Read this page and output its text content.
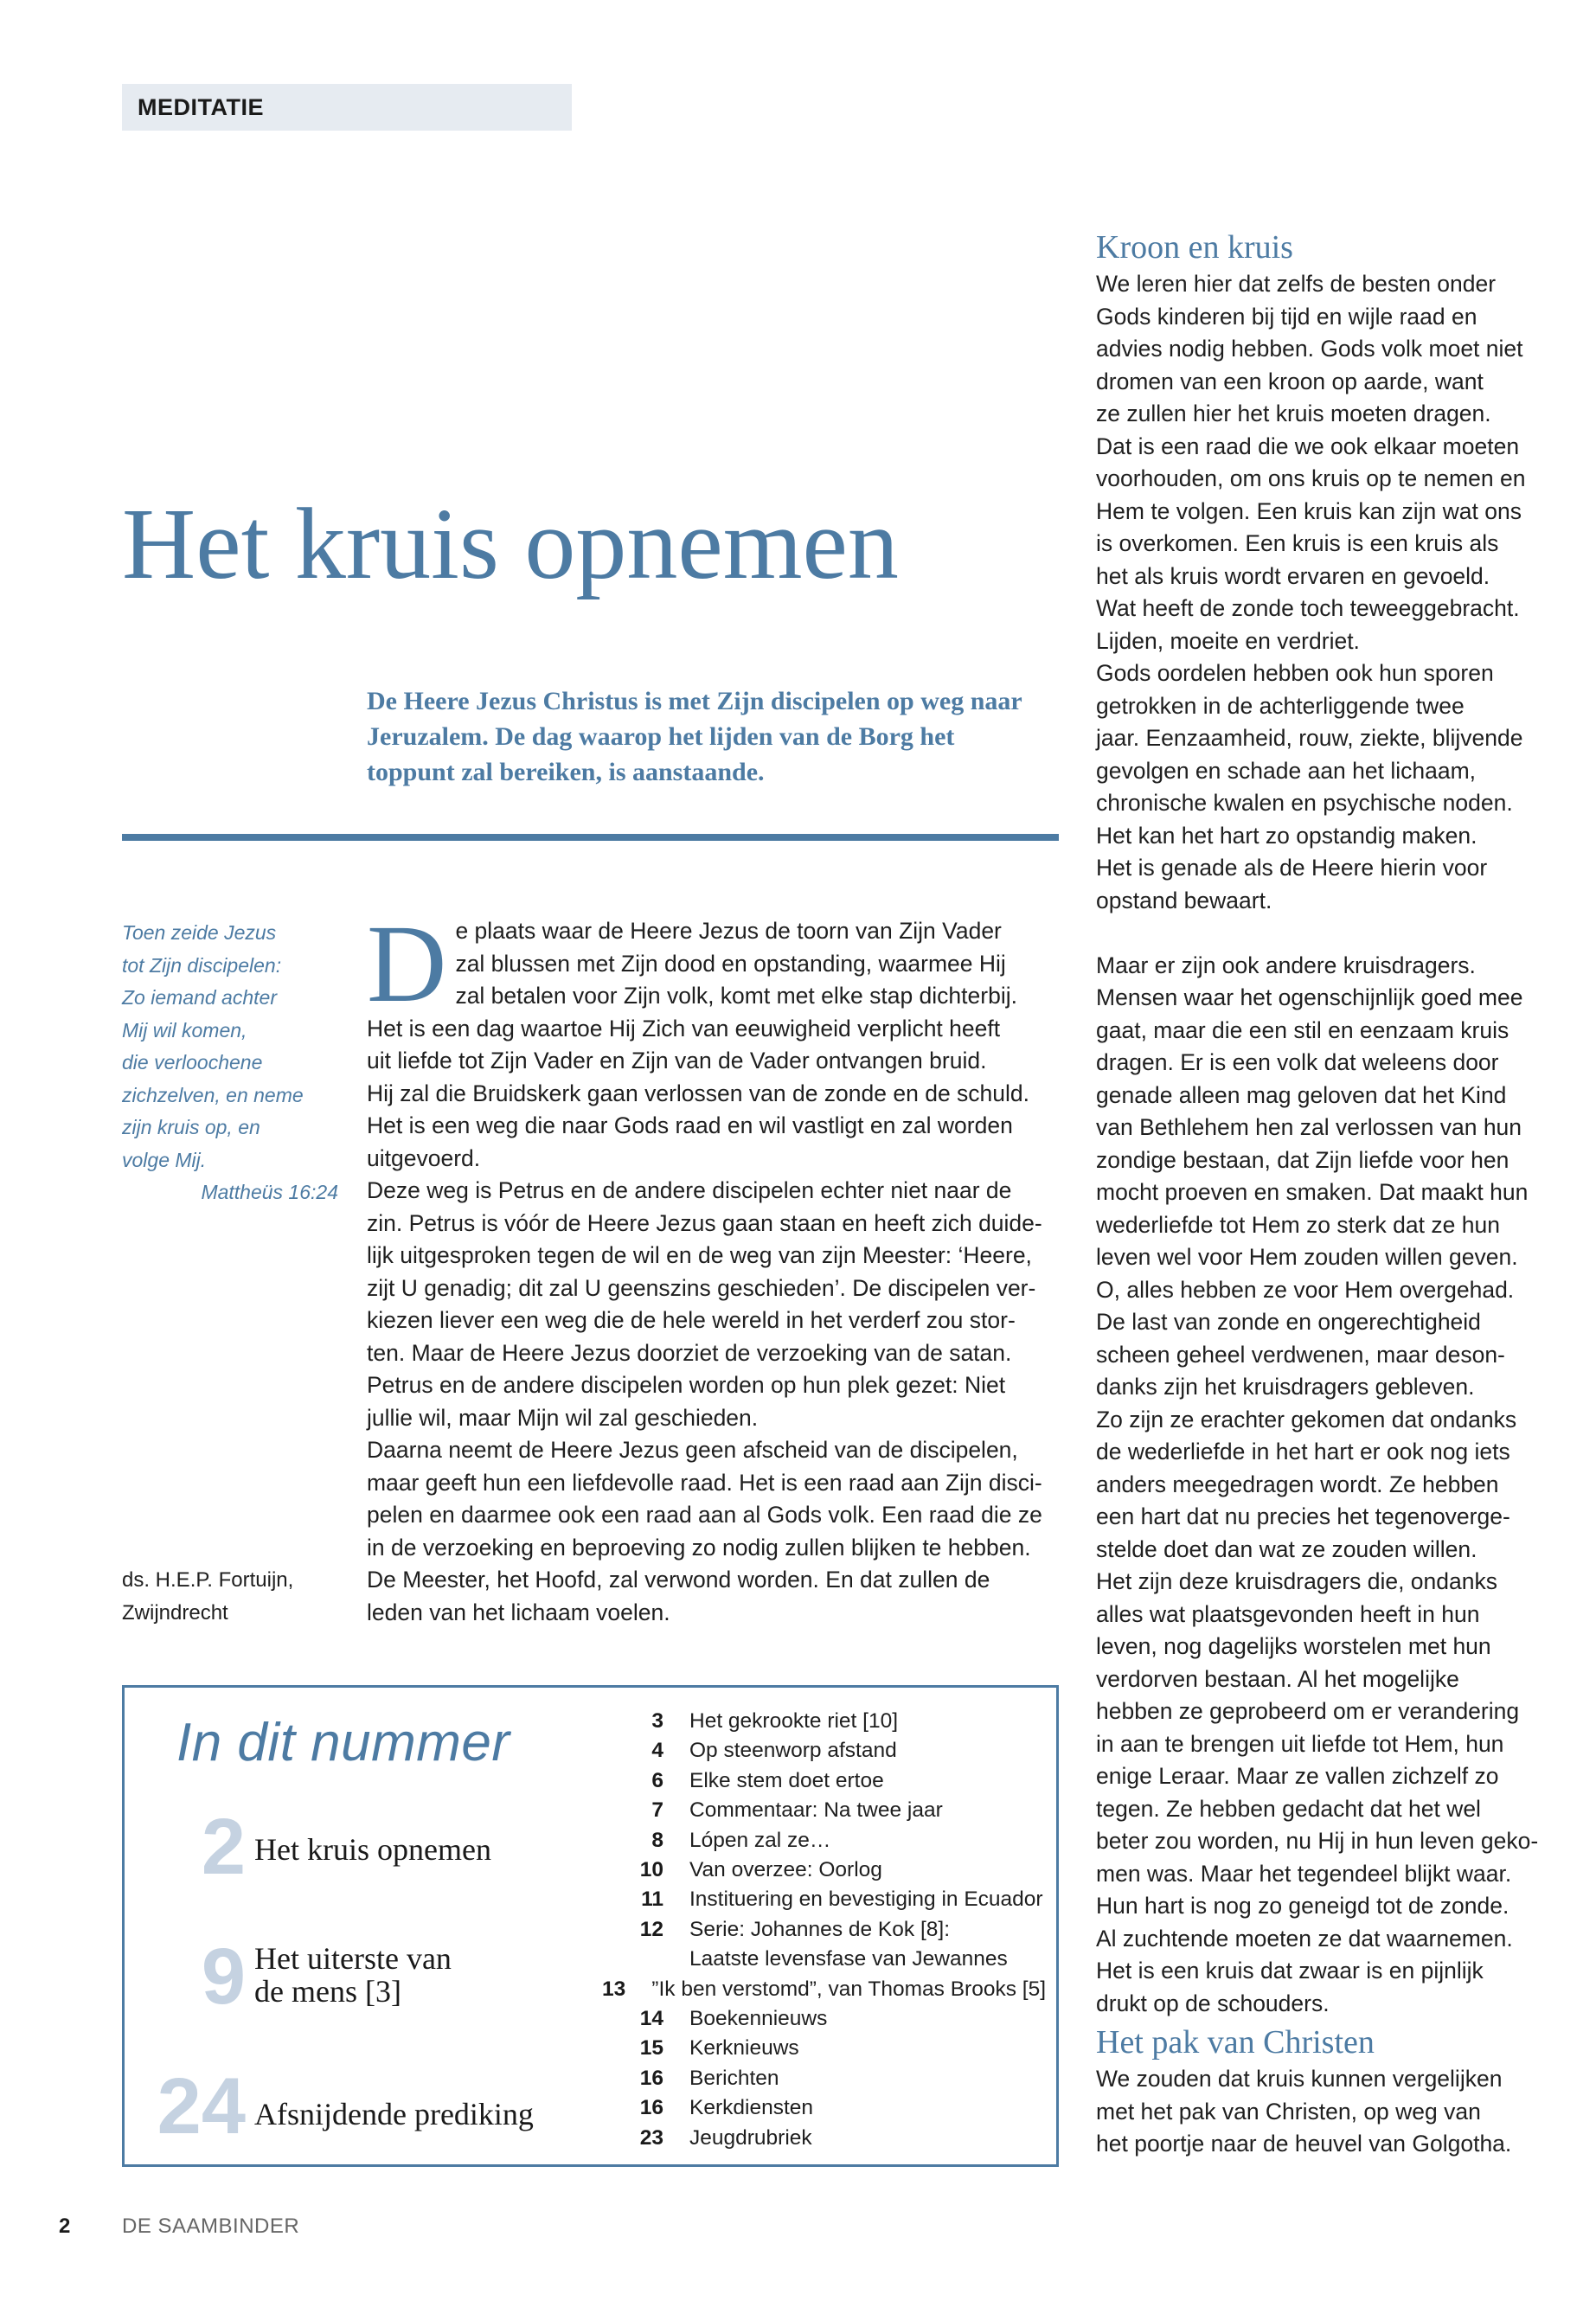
MEDITATIE
Het kruis opnemen
De Heere Jezus Christus is met Zijn discipelen op weg naar Jeruzalem. De dag waarop het lijden van de Borg het toppunt zal bereiken, is aanstaande.
Toen zeide Jezus
tot Zijn discipelen:
Zo iemand achter
Mij wil komen,
die verloochene
zichzelven, en neme
zijn kruis op, en
volge Mij.
Mattheüs 16:24
ds. H.E.P. Fortuijn,
Zwijndrecht
D e plaats waar de Heere Jezus de toorn van Zijn Vader
zal blussen met Zijn dood en opstanding, waarmee Hij
zal betalen voor Zijn volk, komt met elke stap dichterbij.
Het is een dag waartoe Hij Zich van eeuwigheid verplicht heeft
uit liefde tot Zijn Vader en Zijn van de Vader ontvangen bruid.
Hij zal die Bruidskerk gaan verlossen van de zonde en de schuld.
Het is een weg die naar Gods raad en wil vastligt en zal worden
uitgevoerd.
Deze weg is Petrus en de andere discipelen echter niet naar de
zin. Petrus is vóór de Heere Jezus gaan staan en heeft zich duide-
lijk uitgesproken tegen de wil en de weg van zijn Meester: ‘Heere,
zijt U genadig; dit zal U geenszins geschieden’. De discipelen ver-
kiezen liever een weg die de hele wereld in het verderf zou stor-
ten. Maar de Heere Jezus doorziet de verzoeking van de satan.
Petrus en de andere discipelen worden op hun plek gezet: Niet
jullie wil, maar Mijn wil zal geschieden.
Daarna neemt de Heere Jezus geen afscheid van de discipelen,
maar geeft hun een liefdevolle raad. Het is een raad aan Zijn disci-
pelen en daarmee ook een raad aan al Gods volk. Een raad die ze
in de verzoeking en beproeving zo nodig zullen blijken te hebben.
De Meester, het Hoofd, zal verwond worden. En dat zullen de
leden van het lichaam voelen.
Kroon en kruis
We leren hier dat zelfs de besten onder
Gods kinderen bij tijd en wijle raad en
advies nodig hebben. Gods volk moet niet
dromen van een kroon op aarde, want
ze zullen hier het kruis moeten dragen.
Dat is een raad die we ook elkaar moeten
voorhouden, om ons kruis op te nemen en
Hem te volgen. Een kruis kan zijn wat ons
is overkomen. Een kruis is een kruis als
het als kruis wordt ervaren en gevoeld.
Wat heeft de zonde toch teweeggebracht.
Lijden, moeite en verdriet.
Gods oordelen hebben ook hun sporen
getrokken in de achterliggende twee
jaar. Eenzaamheid, rouw, ziekte, blijvende
gevolgen en schade aan het lichaam,
chronische kwalen en psychische noden.
Het kan het hart zo opstandig maken.
Het is genade als de Heere hierin voor
opstand bewaart.
Maar er zijn ook andere kruisdragers.
Mensen waar het ogenschijnlijk goed mee
gaat, maar die een stil en eenzaam kruis
dragen. Er is een volk dat weleens door
genade alleen mag geloven dat het Kind
van Bethlehem hen zal verlossen van hun
zondige bestaan, dat Zijn liefde voor hen
mocht proeven en smaken. Dat maakt hun
wederliefde tot Hem zo sterk dat ze hun
leven wel voor Hem zouden willen geven.
O, alles hebben ze voor Hem overgehad.
De last van zonde en ongerechtigheid
scheen geheel verdwenen, maar deson-
danks zijn het kruisdragers gebleven.
Zo zijn ze erachter gekomen dat ondanks
de wederliefde in het hart er ook nog iets
anders meegedragen wordt. Ze hebben
een hart dat nu precies het tegenoverge-
stelde doet dan wat ze zouden willen.
Het zijn deze kruisdragers die, ondanks
alles wat plaatsgevonden heeft in hun
leven, nog dagelijks worstelen met hun
verdorven bestaan. Al het mogelijke
hebben ze geprobeerd om er verandering
in aan te brengen uit liefde tot Hem, hun
enige Leraar. Maar ze vallen zichzelf zo
tegen. Ze hebben gedacht dat het wel
beter zou worden, nu Hij in hun leven geko-
men was. Maar het tegendeel blijkt waar.
Hun hart is nog zo geneigd tot de zonde.
Al zuchtende moeten ze dat waarnemen.
Het is een kruis dat zwaar is en pijnlijk
drukt op de schouders.
Het pak van Christen
We zouden dat kruis kunnen vergelijken
met het pak van Christen, op weg van
het poortje naar de heuvel van Golgotha.
In dit nummer
2 Het kruis opnemen
9 Het uiterste van
de mens [3]
24 Afsnijdende prediking
3	Het gekrookte riet [10]
4	Op steenworp afstand
6	Elke stem doet ertoe
7	Commentaar: Na twee jaar
8	Lópen zal ze…
10	Van overzee: Oorlog
11	Instituering en bevestiging in Ecuador
12	Serie: Johannes de Kok [8]:
Laatste levensfase van Jewannes
13	”Ik ben verstomd”, van Thomas Brooks [5]
14	Boekennieuws
15	Kerknieuws
16	Berichten
16	Kerkdiensten
23	Jeugdrubriek
2 DE SAAMBINDER
